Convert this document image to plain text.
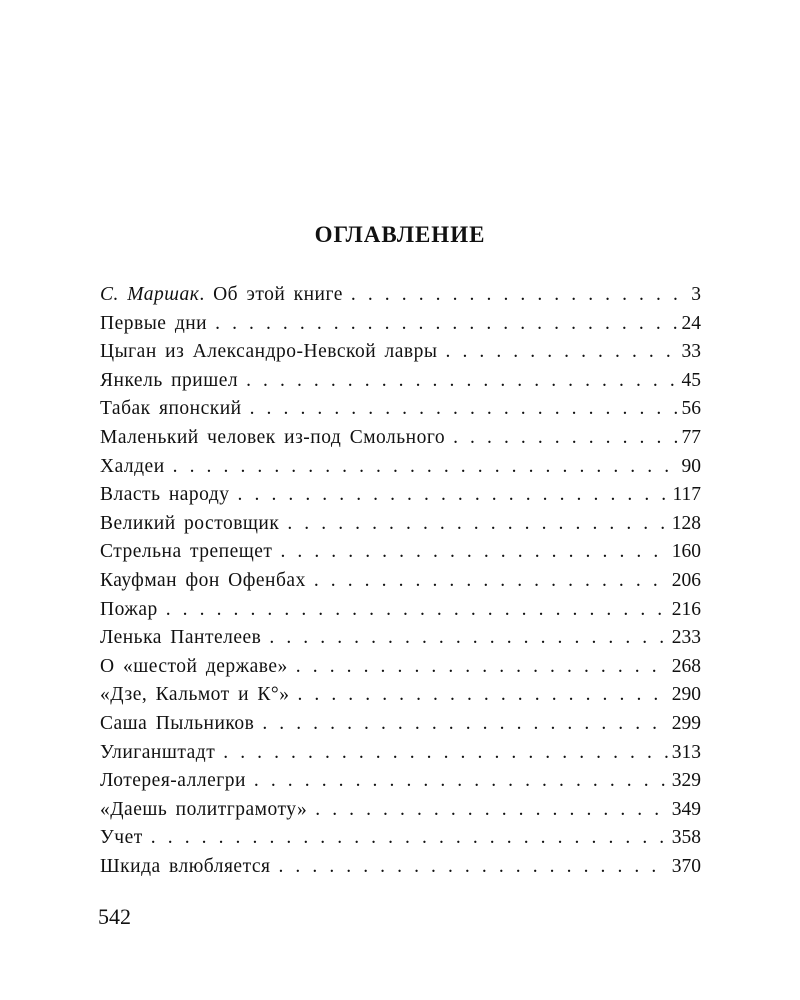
ОГЛАВЛЕНИЕ
С. Маршак. Об этой книге . . .	3
Первые дни . . .	24
Цыган из Александро-Невской лавры . . .	33
Янкель пришел . . .	45
Табак японский . . .	56
Маленький человек из-под Смольного . . .	77
Халдеи . . .	90
Власть народу . . .	117
Великий ростовщик . . .	128
Стрельна трепещет . . .	160
Кауфман фон Офенбах . . .	206
Пожар . . .	216
Ленька Пантелеев . . .	233
О «шестой державе» . . .	268
«Дзе, Кальмот и К°» . . .	290
Саша Пыльников . . .	299
Улиганштадт . . .	313
Лотерея-аллегри . . .	329
«Даешь политграмоту» . . .	349
Учет . . .	358
Шкида влюбляется . . .	370
542
